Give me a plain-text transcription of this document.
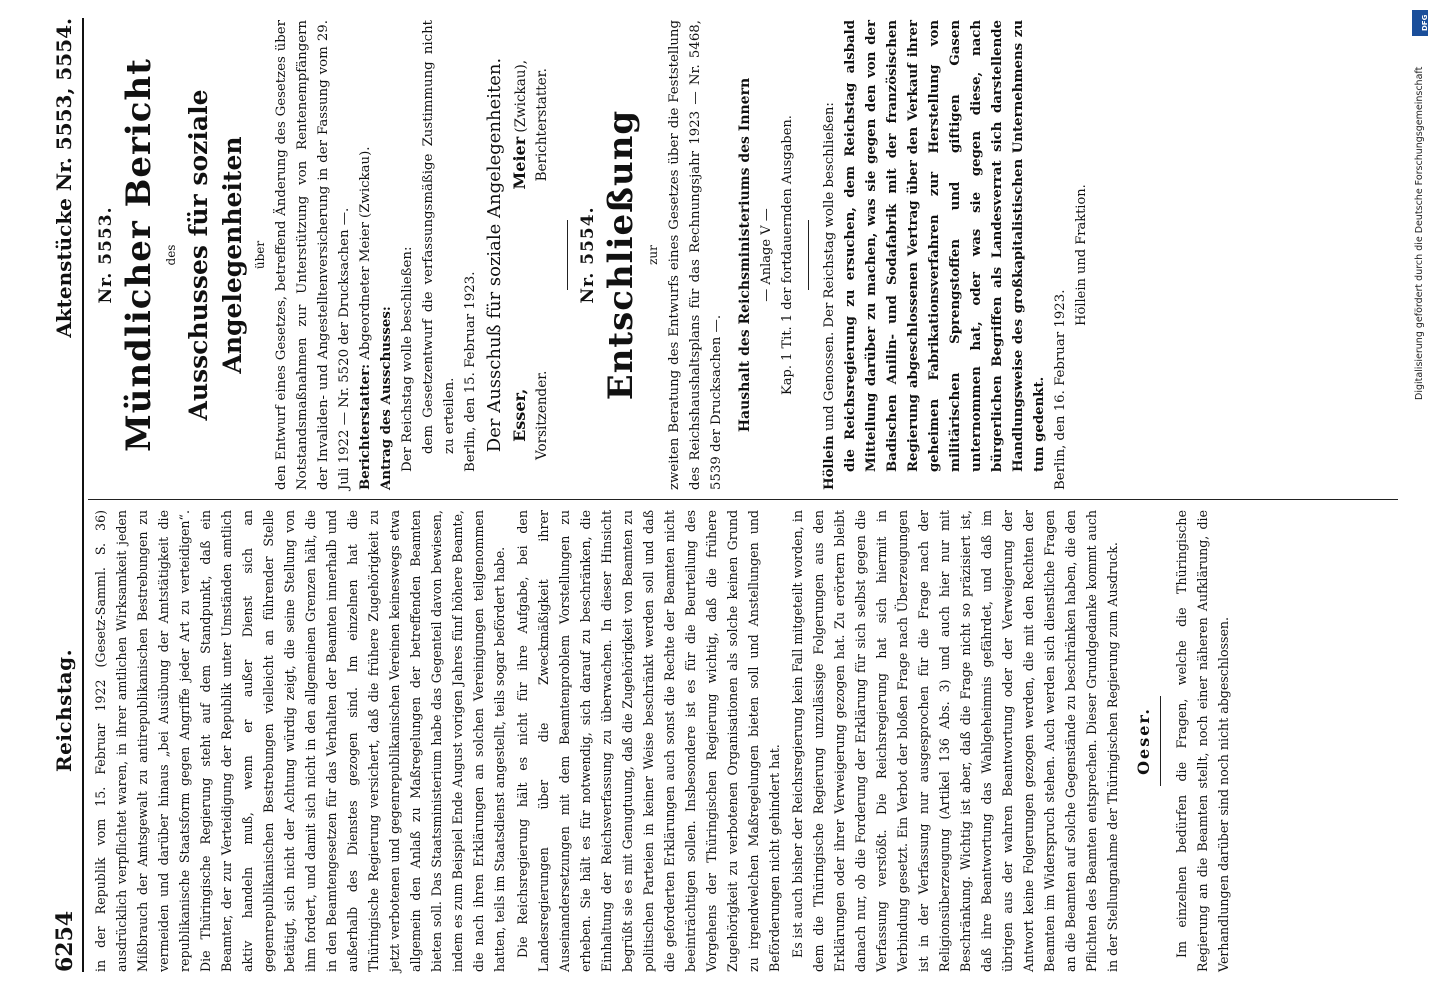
6254
Reichstag.
Aktenstücke Nr. 5553, 5554.

in der Republik vom 15. Februar 1922 (Gesetz-Samml. S. 36) ausdrücklich verpflichtet waren, in ihrer amtlichen Wirksamkeit jeden Mißbrauch der Amtsgewalt zu antirepublikanischen Bestrebungen zu vermeiden und darüber hinaus „bei Ausübung der Amtstätigkeit die republikanische Staatsform gegen Angriffe jeder Art zu verteidigen“. Die Thüringische Regierung steht auf dem Standpunkt, daß ein Beamter, der zur Verteidigung der Republik unter Umständen amtlich aktiv handeln muß, wenn er außer Dienst sich an gegenrepublikanischen Bestrebungen vielleicht an führender Stelle betätigt, sich nicht der Achtung würdig zeigt, die seine Stellung von ihm fordert, und damit sich nicht in den allgemeinen Grenzen hält, die in den Beamtengesetzen für das Verhalten der Beamten innerhalb und außerhalb des Dienstes gezogen sind. Im einzelnen hat die Thüringische Regierung versichert, daß die frühere Zugehörigkeit zu jetzt verbotenen und gegenrepublikanischen Vereinen keineswegs etwa allgemein den Anlaß zu Maßregelungen der betreffenden Beamten bieten soll. Das Staatsministerium habe das Gegenteil davon bewiesen, indem es zum Beispiel Ende August vorigen Jahres fünf höhere Beamte, die nach ihren Erklärungen an solchen Vereinigungen teilgenommen hatten, teils im Staatsdienst angestellt, teils sogar befördert habe. Die Reichsregierung hält es nicht für ihre Aufgabe, bei den Landesregierungen über die Zweckmäßigkeit ihrer Auseinandersetzungen mit dem Beamtenproblem Vorstellungen zu erheben. Sie hält es für notwendig, sich darauf zu beschränken, die Einhaltung der Reichsverfassung zu überwachen. In dieser Hinsicht begrüßt sie es mit Genugtuung, daß die Zugehörigkeit von Beamten zu politischen Parteien in keiner Weise beschränkt werden soll und daß die geforderten Erklärungen auch sonst die Rechte der Beamten nicht beeinträchtigen sollen. Insbesondere ist es für die Beurteilung des Vorgehens der Thüringischen Regierung wichtig, daß die frühere Zugehörigkeit zu verbotenen Organisationen als solche keinen Grund zu irgendwelchen Maßregelungen bieten soll und Anstellungen und Beförderungen nicht gehindert hat. Es ist auch bisher der Reichsregierung kein Fall mitgeteilt worden, in dem die Thüringische Regierung unzulässige Folgerungen aus den Erklärungen oder ihrer Verweigerung gezogen hat. Zu erörtern bleibt danach nur, ob die Forderung der Erklärung für sich selbst gegen die Verfassung verstößt. Die Reichsregierung hat sich hiermit in Verbindung gesetzt. Ein Verbot der bloßen Frage nach Überzeugungen ist in der Verfassung nur ausgesprochen für die Frage nach der Religionsüberzeugung (Artikel 136 Abs. 3) und auch hier nur mit Beschränkung. Wichtig ist aber, daß die Frage nicht so präzisiert ist, daß ihre Beantwortung das Wahlgeheimnis gefährdet, und daß im übrigen aus der wahren Beantwortung oder der Verweigerung der Antwort keine Folgerungen gezogen werden, die mit den Rechten der Beamten im Widerspruch stehen. Auch werden sich dienstliche Fragen an die Beamten auf solche Gegenstände zu beschränken haben, die den Pflichten des Beamten entsprechen. Dieser Grundgedanke kommt auch in der Stellungnahme der Thüringischen Regierung zum Ausdruck. Oeser. Im einzelnen bedürfen die Fragen, welche die Thüringische Regierung an die Beamten stellt, noch einer näheren Aufklärung, die Verhandlungen darüber sind noch nicht abgeschlossen.

Nr. 5553. Mündlicher Bericht des Ausschusses für soziale Angelegenheiten über den Entwurf eines Gesetzes, betreffend Änderung des Gesetzes über Notstandsmaßnahmen zur Unterstützung von Rentenempfängern der Invaliden- und Angestelltenversicherung in der Fassung vom 29. Juli 1922 — Nr. 5520 der Drucksachen —. Berichterstatter: Abgeordneter Meier (Zwickau).

Antrag des Ausschusses: Der Reichstag wolle beschließen: dem Gesetzentwurf die verfassungsmäßige Zustimmung nicht zu erteilen. Berlin, den 15. Februar 1923. Der Ausschuß für soziale Angelegenheiten. Esser, Vorsitzender.
Meier (Zwickau), Berichterstatter.

Nr. 5554. Entschließung zur zweiten Beratung des Entwurfs eines Gesetzes über die Feststellung des Reichshaushaltsplans für das Rechnungsjahr 1923 — Nr. 5468, 5539 der Drucksachen —. Haushalt des Reichsministeriums des Innern — Anlage V — Kap. 1 Tit. 1 der fortdauernden Ausgaben.

Höllein und Genossen. Der Reichstag wolle beschließen: die Reichsregierung zu ersuchen, dem Reichstag alsbald Mitteilung darüber zu machen, was sie gegen den von der Badischen Anilin- und Sodafabrik mit der französischen Regierung abgeschlossenen Vertrag über den Verkauf ihrer geheimen Fabrikationsverfahren zur Herstellung von militärischen Sprengstoffen und giftigen Gasen unternommen hat, oder was sie gegen diese, nach bürgerlichen Begriffen als Landesverrat sich darstellende Handlungsweise des großkapitalistischen Unternehmens zu tun gedenkt. Berlin, den 16. Februar 1923.

Höllein und Fraktion.

DFG
Digitalisierung gefördert durch die Deutsche Forschungsgemeinschaft
